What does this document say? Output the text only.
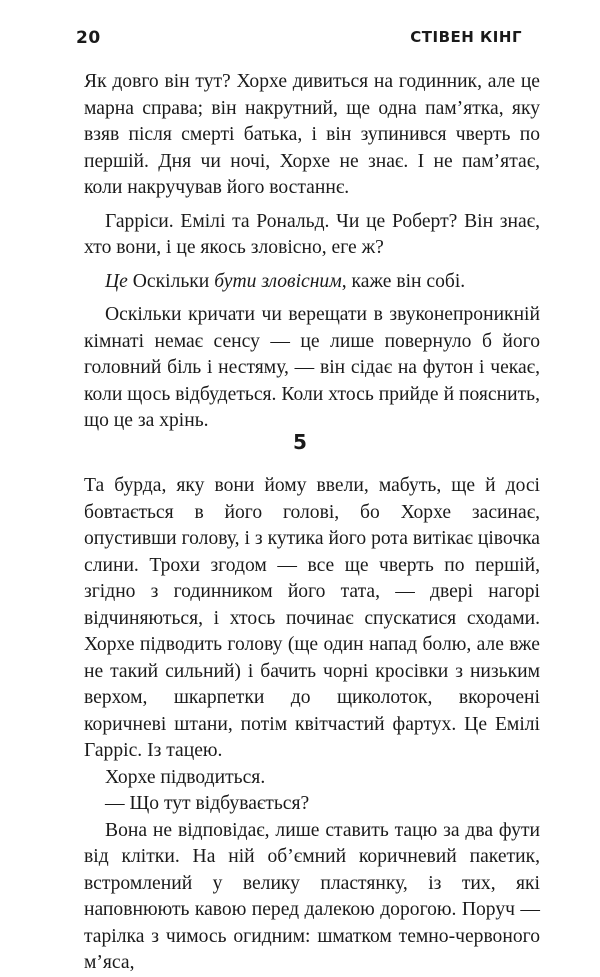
20	СТІВЕН КІНГ

Як довго він тут? Хорхе дивиться на годинник, але це марна справа; він накрутний, ще одна пам’ятка, яку взяв після смерті батька, і він зупинився чверть по першій. Дня чи ночі, Хорхе не знає. І не пам’ятає, коли накручував його востаннє.

Гарріси. Емілі та Рональд. Чи це Роберт? Він знає, хто вони, і це якось зловісно, еге ж?

Це Оскільки бути зловісним, каже він собі.

Оскільки кричати чи верещати в звуконепроникній кімнаті немає сенсу — це лише повернуло б його головний біль і нестяму, — він сідає на футон і чекає, коли щось відбудеться. Коли хтось прийде й пояснить, що це за хрінь.

5

Та бурда, яку вони йому ввели, мабуть, ще й досі бовтається в його голові, бо Хорхе засинає, опустивши голову, і з кутика його рота витікає цівочка слини. Трохи згодом — все ще чверть по першій, згідно з годинником його тата, — двері нагорі відчиняються, і хтось починає спускатися сходами. Хорхе підводить голову (ще один напад болю, але вже не такий сильний) і бачить чорні кросівки з низьким верхом, шкарпетки до щиколоток, вкорочені коричневі штани, потім квітчастий фартух. Це Емілі Гарріс. Із тацею.

Хорхе підводиться.

— Що тут відбувається?

Вона не відповідає, лише ставить тацю за два фути від клітки. На ній об’ємний коричневий пакетик, встромлений у велику пластянку, із тих, які наповнюють кавою перед далекою дорогою. Поруч — тарілка з чимось огидним: шматком темно-червоного м’яса,
